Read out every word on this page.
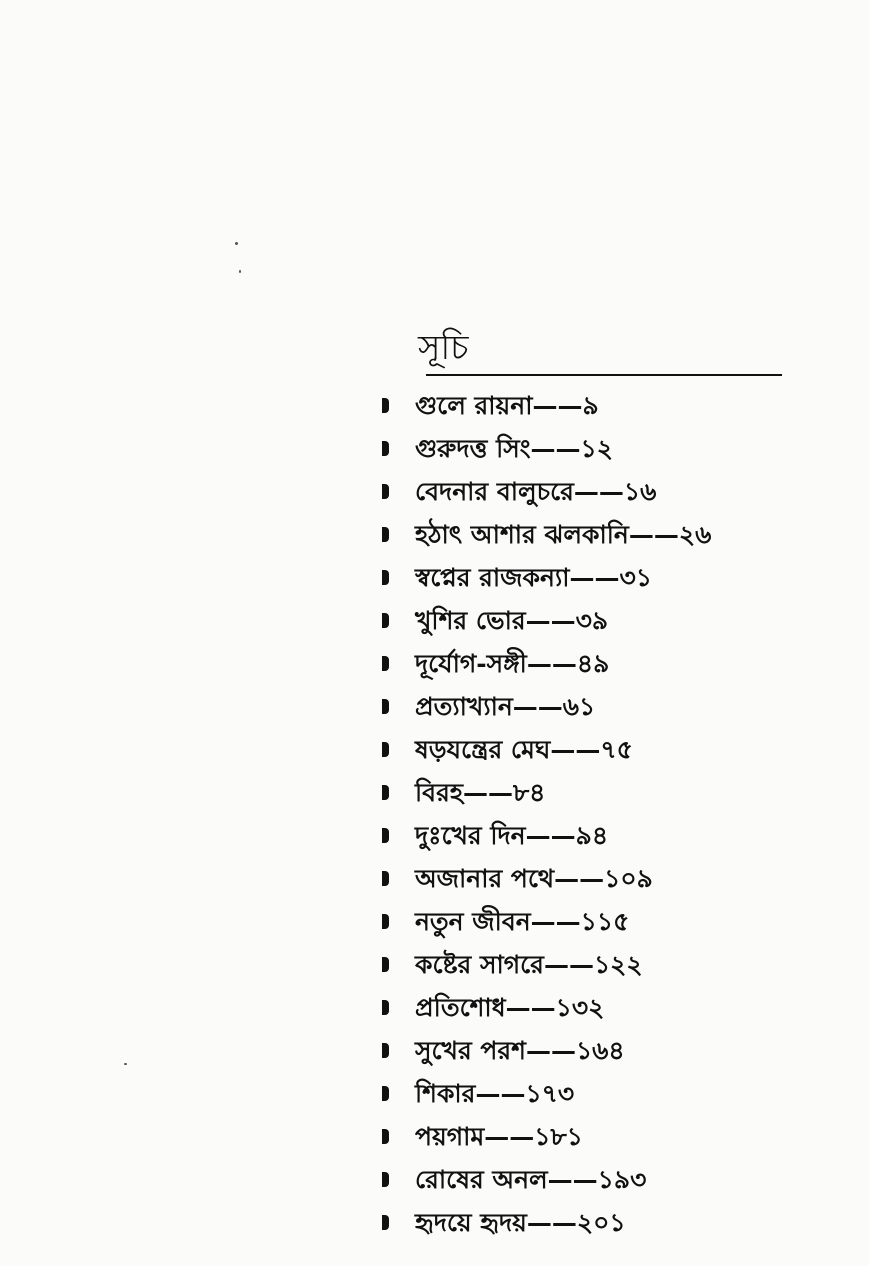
সূচি
গুলে রায়না——৯
গুরুদত্ত সিং——১২
বেদনার বালুচরে——১৬
হঠাৎ আশার ঝলকানি——২৬
স্বপ্নের রাজকন্যা——৩১
খুশির ভোর——৩৯
দূর্যোগ-সঙ্গী——৪৯
প্রত্যাখ্যান——৬১
ষড়যন্ত্রের মেঘ——৭৫
বিরহ——৮৪
দুঃখের দিন——৯৪
অজানার পথে——১০৯
নতুন জীবন——১১৫
কষ্টের সাগরে——১২২
প্রতিশোধ——১৩২
সুখের পরশ——১৬৪
শিকার——১৭৩
পয়গাম——১৮১
রোষের অনল——১৯৩
হৃদয়ে হৃদয়——২০১
